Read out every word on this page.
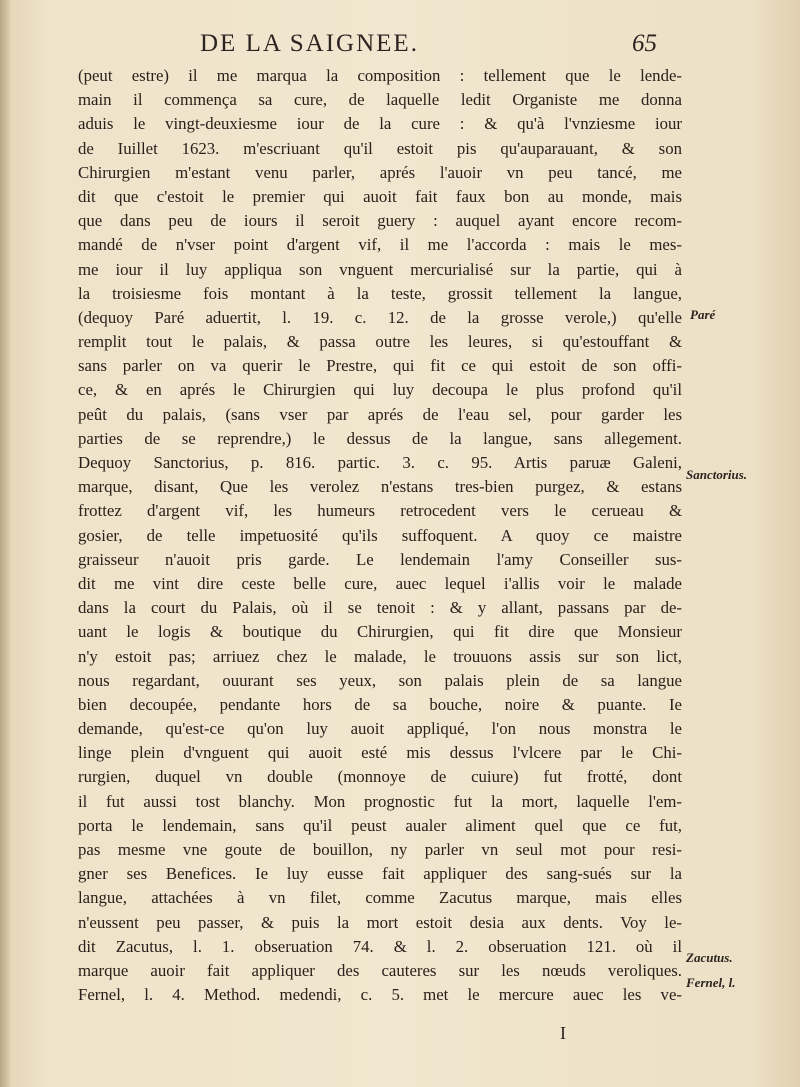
DE LA SAIGNEE.	65
(peut estre) il me marqua la composition : tellement que le lende-
main il commença sa cure, de laquelle ledit Organiste me donna
aduis le vingt-deuxiesme iour de la cure : & qu'à l'vnziesme iour
de Iuillet 1623. m'escriuant qu'il estoit pis qu'auparauant, & son
Chirurgien m'estant venu parler, aprés l'auoir vn peu tancé, me
dit que c'estoit le premier qui auoit fait faux bon au monde, mais
que dans peu de iours il seroit guery : auquel ayant encore recom-
mandé de n'vser point d'argent vif, il me l'accorda : mais le mes-
me iour il luy appliqua son vnguent mercurialisé sur la partie, qui à
la troisiesme fois montant à la teste, grossit tellement la langue,
(dequoy Paré aduertit, l. 19. c. 12. de la grosse verole,) qu'elle
remplit tout le palais, & passa outre les leures, si qu'estouffant &
sans parler on va querir le Prestre, qui fit ce qui estoit de son offi-
ce, & en aprés le Chirurgien qui luy decoupa le plus profond qu'il
peût du palais, (sans vser par aprés de l'eau sel, pour garder les
parties de se reprendre,) le dessus de la langue, sans allegement.
Dequoy Sanctorius, p. 816. partic. 3. c. 95. Artis paruæ Galeni,
marque, disant, Que les verolez n'estans tres-bien purgez, & estans
frottez d'argent vif, les humeurs retrocedent vers le cerueau &
gosier, de telle impetuosité qu'ils suffoquent. A quoy ce maistre
graisseur n'auoit pris garde. Le lendemain l'amy Conseiller sus-
dit me vint dire ceste belle cure, auec lequel i'allis voir le malade
dans la court du Palais, où il se tenoit : & y allant, passans par de-
uant le logis & boutique du Chirurgien, qui fit dire que Monsieur
n'y estoit pas; arriuez chez le malade, le trouuons assis sur son lict,
nous regardant, ouurant ses yeux, son palais plein de sa langue
bien decoupée, pendante hors de sa bouche, noire & puante. Ie
demande, qu'est-ce qu'on luy auoit appliqué, l'on nous monstra le
linge plein d'vnguent qui auoit esté mis dessus l'vlcere par le Chi-
rurgien, duquel vn double (monnoye de cuiure) fut frotté, dont
il fut aussi tost blanchy. Mon prognostic fut la mort, laquelle l'em-
porta le lendemain, sans qu'il peust aualer aliment quel que ce fut,
pas mesme vne goute de bouillon, ny parler vn seul mot pour resi-
gner ses Benefices. Ie luy eusse fait appliquer des sang-sués sur la
langue, attachées à vn filet, comme Zacutus marque, mais elles
n'eussent peu passer, & puis la mort estoit desia aux dents. Voy le-
dit Zacutus, l. 1. obseruation 74. & l. 2. obseruation 121. où il
marque auoir fait appliquer des cauteres sur les nœuds veroliques.
Fernel, l. 4. Method. medendi, c. 5. met le mercure auec les ve-
Paré
Sanctorius.
Zacutus.
Fernel, l.
I
